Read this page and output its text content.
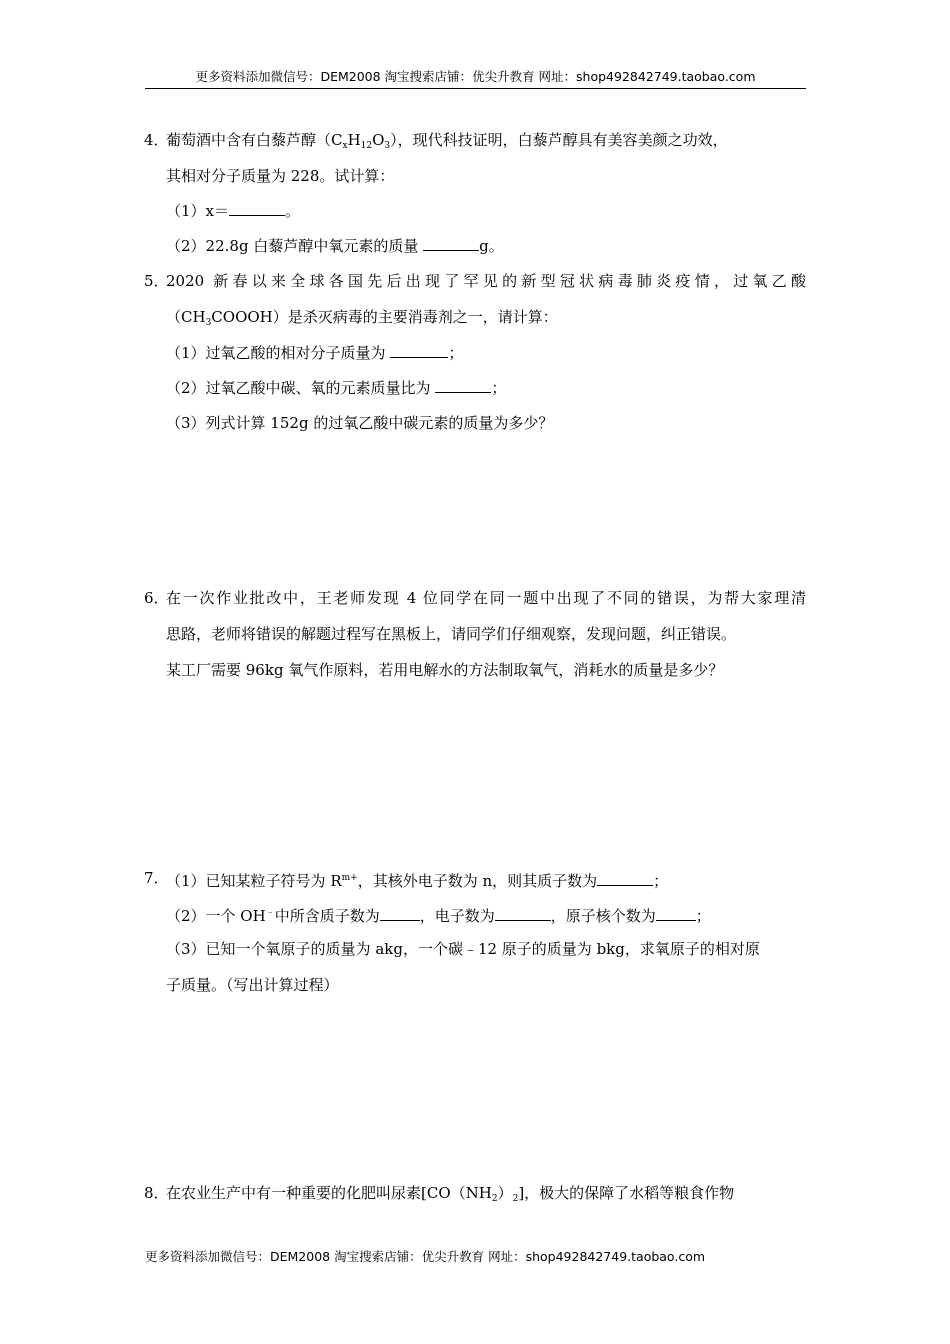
更多资料添加微信号：DEM2008 淘宝搜索店铺：优尖升教育 网址：shop492842749.taobao.com
4．
葡萄酒中含有白藜芦醇$(C_xH_{12}O_3)$，现代科技证明，白藜芦醇具有美容美颜之功效，
其相对分子质量为 228。试计算：
（1）x＝	。
（2）22.8g 白藜芦醇中氧元素的质量	g。
5．
2020 新春以来全球各国先后出现了罕见的新型冠状病毒肺炎疫情，过氧乙酸
$(CH_3COOOH)$是杀灭病毒的主要消毒剂之一，请计算：
（1）过氧乙酸的相对分子质量为	；
（2）过氧乙酸中碳、氧的元素质量比为	；
（3）列式计算 152g 的过氧乙酸中碳元素的质量为多少？
6．
在一次作业批改中，王老师发现 4 位同学在同一题中出现了不同的错误，为帮大家理清
思路，老师将错误的解题过程写在黑板上，请同学们仔细观察，发现问题，纠正错误。
某工厂需要 96kg 氧气作原料，若用电解水的方法制取氧气，消耗水的质量是多少？
7．
（1）已知某粒子符号为 $R^{m+}$，其核外电子数为 n，则其质子数为	；
（2）一个 OH﹣中所含质子数为	，电子数为	，原子核个数为	；
（3）已知一个氧原子的质量为 akg，一个碳﹣12 原子的质量为 bkg，求氧原子的相对原
子质量。（写出计算过程）
8．
在农业生产中有一种重要的化肥叫尿素$[CO(NH_2)_2]$，极大的保障了水稻等粮食作物
更多资料添加微信号：DEM2008 淘宝搜索店铺：优尖升教育 网址：shop492842749.taobao.com
